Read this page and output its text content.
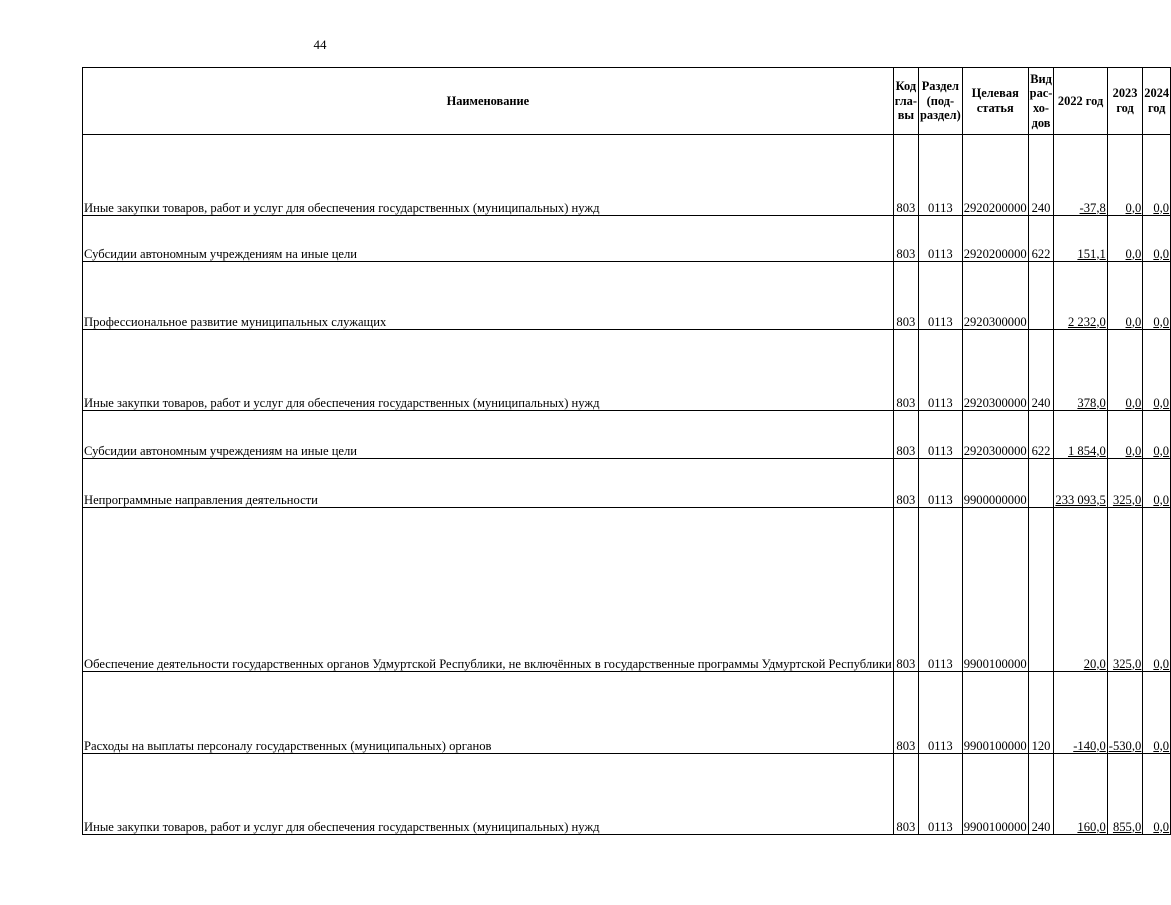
44
Наименование	Код
гла-
вы	Раздел
(под-
раздел)	Целевая
статья	Вид
рас-
хо-
дов	2022 год	2023 год	2024 год
Иные закупки товаров, работ и услуг для обеспечения государственных (муниципальных) нужд	803	0113	2920200000	240	-37,8	0,0	0,0
Субсидии автономным учреждениям на иные цели	803	0113	2920200000	622	151,1	0,0	0,0
Профессиональное развитие муниципальных служащих	803	0113	2920300000		2 232,0	0,0	0,0
Иные закупки товаров, работ и услуг для обеспечения государственных (муниципальных) нужд	803	0113	2920300000	240	378,0	0,0	0,0
Субсидии автономным учреждениям на иные цели	803	0113	2920300000	622	1 854,0	0,0	0,0
Непрограммные направления деятельности	803	0113	9900000000		233 093,5	325,0	0,0
Обеспечение деятельности государственных органов Удмуртской Республики, не включённых в государственные программы Удмуртской Республики	803	0113	9900100000		20,0	325,0	0,0
Расходы на выплаты персоналу государственных (муниципальных) органов	803	0113	9900100000	120	-140,0	-530,0	0,0
Иные закупки товаров, работ и услуг для обеспечения государственных (муниципальных) нужд	803	0113	9900100000	240	160,0	855,0	0,0
